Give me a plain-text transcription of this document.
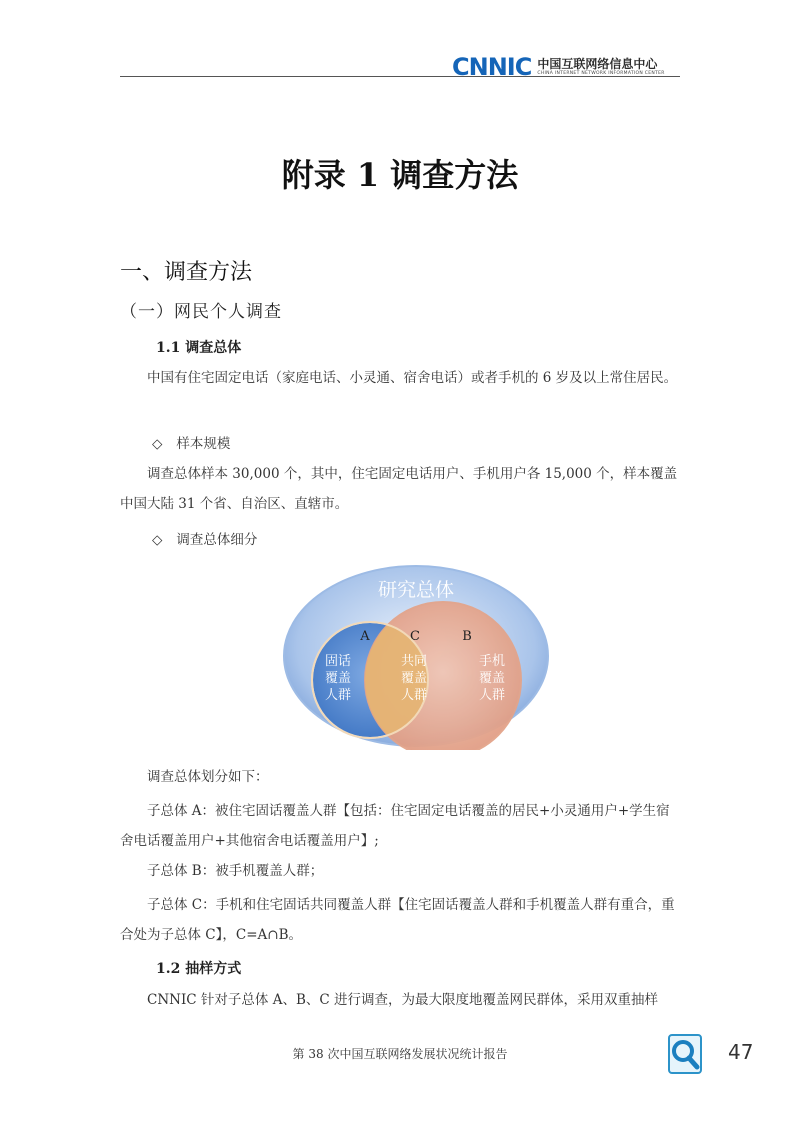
CNNIC 中国互联网络信息中心
CHINA INTERNET NETWORK INFORMATION CENTER
附录 1 调查方法
一、调查方法
（一）网民个人调查
1.1 调查总体
中国有住宅固定电话（家庭电话、小灵通、宿舍电话）或者手机的 6 岁及以上常住居民。
◇ 样本规模
调查总体样本 30,000 个，其中，住宅固定电话用户、手机用户各 15,000 个，样本覆盖中国大陆 31 个省、自治区、直辖市。
◇ 调查总体细分
研究总体
A	C	B
固话
覆盖
人群
共同
覆盖
人群
手机
覆盖
人群
调查总体划分如下：
子总体 A：被住宅固话覆盖人群【包括：住宅固定电话覆盖的居民+小灵通用户+学生宿舍电话覆盖用户+其他宿舍电话覆盖用户】;
子总体 B：被手机覆盖人群；
子总体 C：手机和住宅固话共同覆盖人群【住宅固话覆盖人群和手机覆盖人群有重合，重合处为子总体 C】，C=A∩B。
1.2 抽样方式
CNNIC 针对子总体 A、B、C 进行调查，为最大限度地覆盖网民群体，采用双重抽样
第 38 次中国互联网络发展状况统计报告	47
